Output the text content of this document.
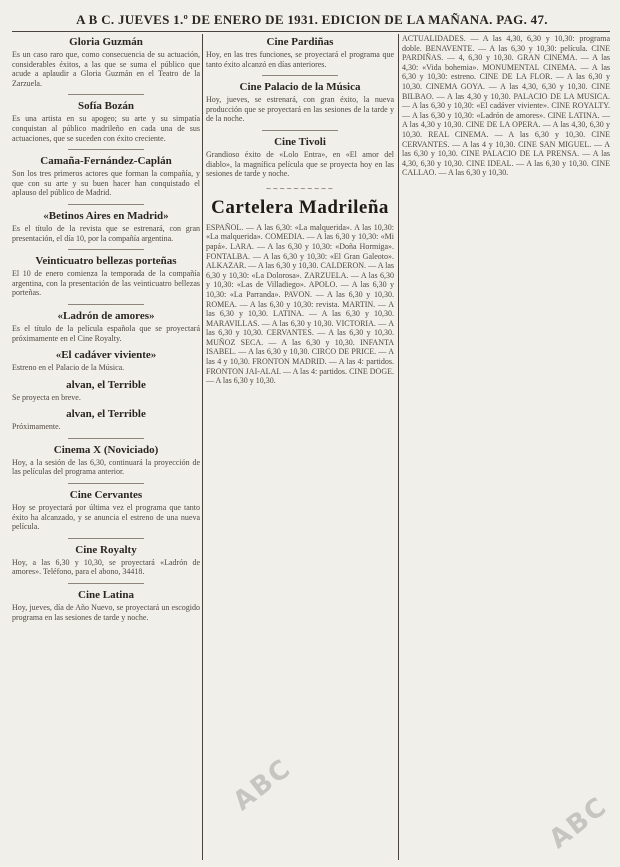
A B C. JUEVES 1.º DE ENERO DE 1931. EDICION DE LA MAÑANA. PAG. 47.
Gloria Guzmán
Es un caso raro que, como consecuencia de su actuación, considerables éxitos, a las que se suma el público que acude a aplaudir a Gloria Guzmán en el Teatro de la Zarzuela.
Sofía Bozán
Es una artista en su apogeo; su arte y su simpatía conquistan al público madrileño en cada una de sus actuaciones, que se suceden con éxito creciente.
Camaña-Fernández-Caplán
Son los tres primeros actores que forman la compañía, y que con su arte y su buen hacer han conquistado el aplauso del público de Madrid.
«Betinos Aires en Madrid»
Es el título de la revista que se estrenará, con gran presentación, el día 10, por la compañía argentina.
Veinticuatro bellezas porteñas
El 10 de enero comienza la temporada de la compañía argentina, con la presentación de las veinticuatro bellezas porteñas.
«Ladrón de amores»
Es el título de la película española que se proyectará próximamente en el Cine Royalty.
«El cadáver viviente»
Estreno en el Palacio de la Música.
alvan, el Terrible
Se proyecta en breve.
alvan, el Terrible
Próximamente.
Cinema X (Noviciado)
Hoy, a la sesión de las 6,30, continuará la proyección de las películas del programa anterior.
Cine Cervantes
Hoy se proyectará por última vez el programa que tanto éxito ha alcanzado, y se anuncia el estreno de una nueva película.
Cine Royalty
Hoy, a las 6,30 y 10,30, se proyectará «Ladrón de amores». Teléfono, para el abono, 34418.
Cine Latina
Hoy, jueves, día de Año Nuevo, se proyectará un escogido programa en las sesiones de tarde y noche.
Cine Pardiñas
Hoy, en las tres funciones, se proyectará el programa que tanto éxito alcanzó en días anteriores.
Cine Palacio de la Música
Hoy, jueves, se estrenará, con gran éxito, la nueva producción que se proyectará en las sesiones de la tarde y de la noche.
Cine Tivoli
Grandioso éxito de «Lolo Entra», en «El amor del diablo», la magnífica película que se proyecta hoy en las sesiones de tarde y noche.
~~~~~~~~~~
Cartelera Madrileña
ESPAÑOL. — A las 6,30: «La malquerida». A las 10,30: «La malquerida». COMEDIA. — A las 6,30 y 10,30: «Mi papá». LARA. — A las 6,30 y 10,30: «Doña Hormiga». FONTALBA. — A las 6,30 y 10,30: «El Gran Galeoto». ALKAZAR. — A las 6,30 y 10,30. CALDERON. — A las 6,30 y 10,30: «La Dolorosa». ZARZUELA. — A las 6,30 y 10,30: «Las de Villadiego». APOLO. — A las 6,30 y 10,30: «La Parranda». PAVON. — A las 6,30 y 10,30. ROMEA. — A las 6,30 y 10,30: revista. MARTIN. — A las 6,30 y 10,30. LATINA. — A las 6,30 y 10,30. MARAVILLAS. — A las 6,30 y 10,30. VICTORIA. — A las 6,30 y 10,30. CERVANTES. — A las 6,30 y 10,30. MUÑOZ SECA. — A las 6,30 y 10,30. INFANTA ISABEL. — A las 6,30 y 10,30. CIRCO DE PRICE. — A las 4 y 10,30. FRONTON MADRID. — A las 4: partidos. FRONTON JAI-ALAI. — A las 4: partidos. CINE DOGE. — A las 6,30 y 10,30.
ACTUALIDADES. — A las 4,30, 6,30 y 10,30: programa doble. BENAVENTE. — A las 6,30 y 10,30: película. CINE PARDIÑAS. — 4, 6,30 y 10,30. GRAN CINEMA. — A las 4,30: «Vida bohemia». MONUMENTAL CINEMA. — A las 6,30 y 10,30: estreno. CINE DE LA FLOR. — A las 6,30 y 10,30. CINEMA GOYA. — A las 4,30, 6,30 y 10,30. CINE BILBAO. — A las 4,30 y 10,30. PALACIO DE LA MUSICA. — A las 6,30 y 10,30: «El cadáver viviente». CINE ROYALTY. — A las 6,30 y 10,30: «Ladrón de amores». CINE LATINA. — A las 4,30 y 10,30. CINE DE LA OPERA. — A las 4,30, 6,30 y 10,30. REAL CINEMA. — A las 6,30 y 10,30. CINE CERVANTES. — A las 4 y 10,30. CINE SAN MIGUEL. — A las 6,30 y 10,30. CINE PALACIO DE LA PRENSA. — A las 4,30, 6,30 y 10,30. CINE IDEAL. — A las 6,30 y 10,30. CINE CALLAO. — A las 6,30 y 10,30.
ABC
ABC
